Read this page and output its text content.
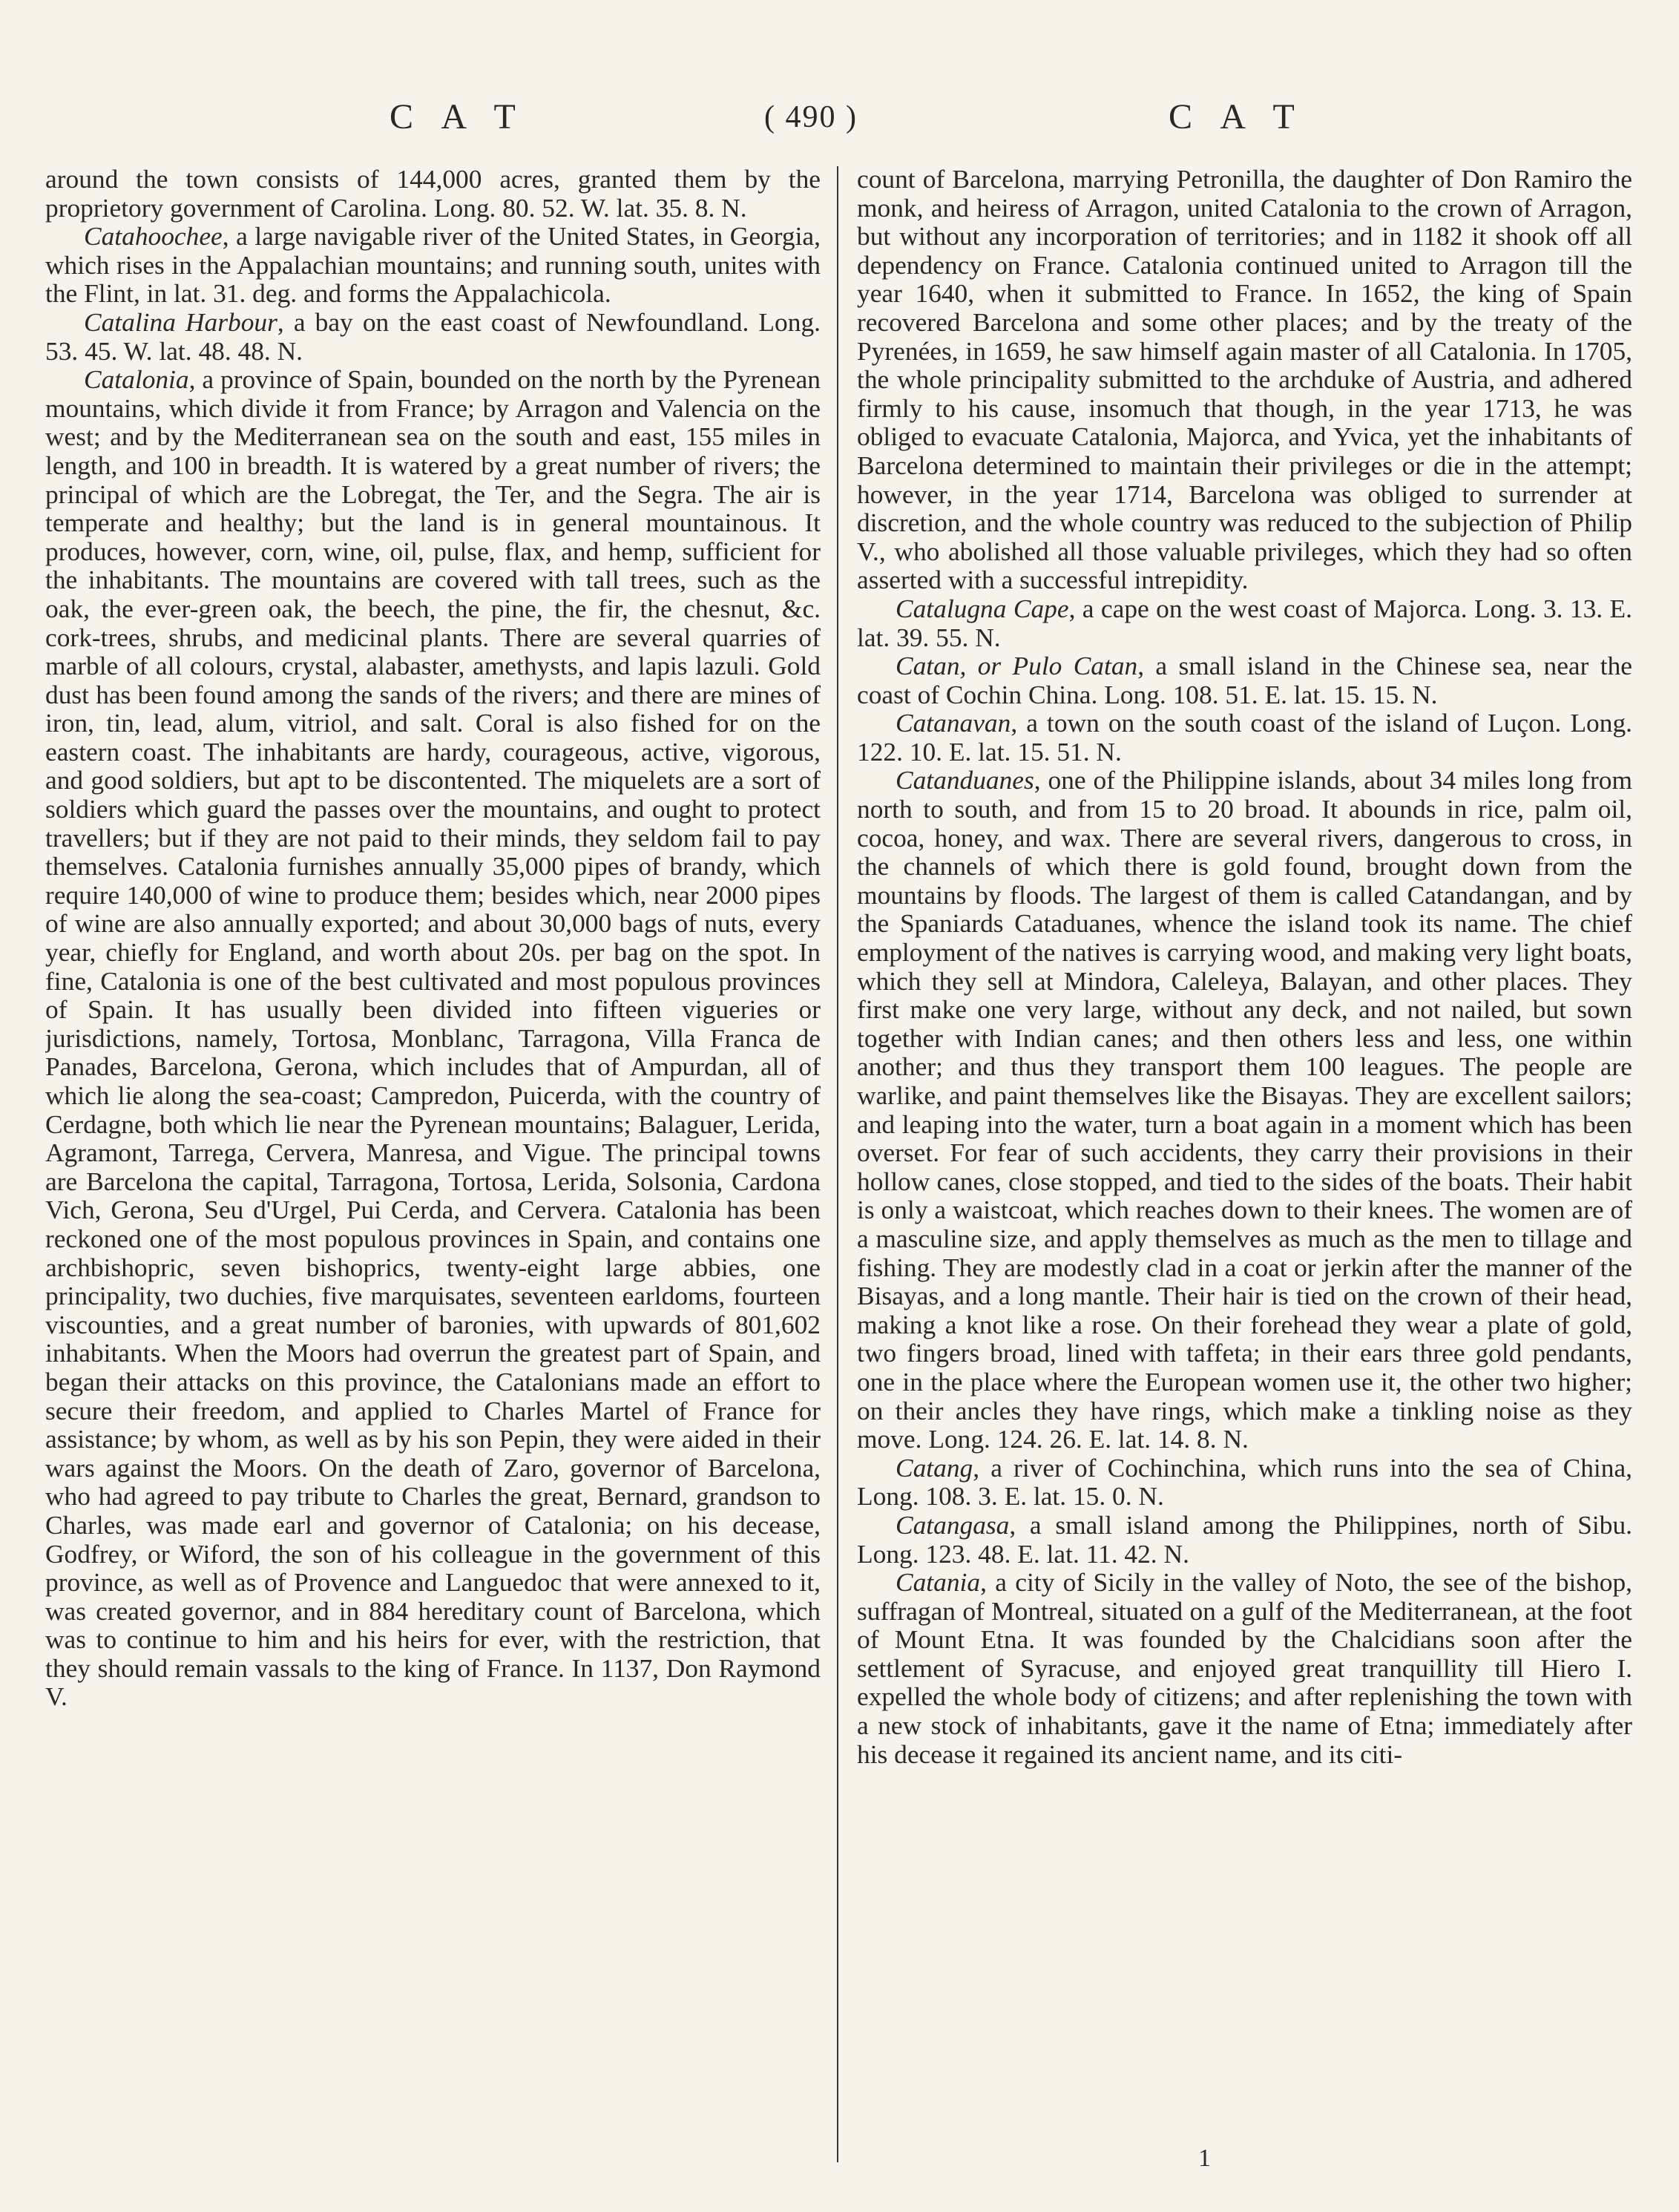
C A T	( 490 )	C A T

around the town consists of 144,000 acres, granted them by the proprietory government of Carolina. Long. 80. 52. W. lat. 35. 8. N.

Catahoochee, a large navigable river of the United States, in Georgia, which rises in the Appalachian mountains; and running south, unites with the Flint, in lat. 31. deg. and forms the Appalachicola.

Catalina Harbour, a bay on the east coast of Newfoundland. Long. 53. 45. W. lat. 48. 48. N.

Catalonia, a province of Spain, bounded on the north by the Pyrenean mountains, which divide it from France; by Arragon and Valencia on the west; and by the Mediterranean sea on the south and east, 155 miles in length, and 100 in breadth. It is watered by a great number of rivers; the principal of which are the Lobregat, the Ter, and the Segra. The air is temperate and healthy; but the land is in general mountainous. It produces, however, corn, wine, oil, pulse, flax, and hemp, sufficient for the inhabitants. The mountains are covered with tall trees, such as the oak, the ever-green oak, the beech, the pine, the fir, the chesnut, &c. cork-trees, shrubs, and medicinal plants. There are several quarries of marble of all colours, crystal, alabaster, amethysts, and lapis lazuli. Gold dust has been found among the sands of the rivers; and there are mines of iron, tin, lead, alum, vitriol, and salt. Coral is also fished for on the eastern coast. The inhabitants are hardy, courageous, active, vigorous, and good soldiers, but apt to be discontented. The miquelets are a sort of soldiers which guard the passes over the mountains, and ought to protect travellers; but if they are not paid to their minds, they seldom fail to pay themselves. Catalonia furnishes annually 35,000 pipes of brandy, which require 140,000 of wine to produce them; besides which, near 2000 pipes of wine are also annually exported; and about 30,000 bags of nuts, every year, chiefly for England, and worth about 20s. per bag on the spot. In fine, Catalonia is one of the best cultivated and most populous provinces of Spain. It has usually been divided into fifteen vigueries or jurisdictions, namely, Tortosa, Monblanc, Tarragona, Villa Franca de Panades, Barcelona, Gerona, which includes that of Ampurdan, all of which lie along the sea-coast; Campredon, Puicerda, with the country of Cerdagne, both which lie near the Pyrenean mountains; Balaguer, Lerida, Agramont, Tarrega, Cervera, Manresa, and Vigue. The principal towns are Barcelona the capital, Tarragona, Tortosa, Lerida, Solsonia, Cardona Vich, Gerona, Seu d'Urgel, Pui Cerda, and Cervera. Catalonia has been reckoned one of the most populous provinces in Spain, and contains one archbishopric, seven bishoprics, twenty-eight large abbies, one principality, two duchies, five marquisates, seventeen earldoms, fourteen viscounties, and a great number of baronies, with upwards of 801,602 inhabitants. When the Moors had overrun the greatest part of Spain, and began their attacks on this province, the Catalonians made an effort to secure their freedom, and applied to Charles Martel of France for assistance; by whom, as well as by his son Pepin, they were aided in their wars against the Moors. On the death of Zaro, governor of Barcelona, who had agreed to pay tribute to Charles the great, Bernard, grandson to Charles, was made earl and governor of Catalonia; on his decease, Godfrey, or Wiford, the son of his colleague in the government of this province, as well as of Provence and Languedoc that were annexed to it, was created governor, and in 884 hereditary count of Barcelona, which was to continue to him and his heirs for ever, with the restriction, that they should remain vassals to the king of France. In 1137, Don Raymond V.

count of Barcelona, marrying Petronilla, the daughter of Don Ramiro the monk, and heiress of Arragon, united Catalonia to the crown of Arragon, but without any incorporation of territories; and in 1182 it shook off all dependency on France. Catalonia continued united to Arragon till the year 1640, when it submitted to France. In 1652, the king of Spain recovered Barcelona and some other places; and by the treaty of the Pyrenées, in 1659, he saw himself again master of all Catalonia. In 1705, the whole principality submitted to the archduke of Austria, and adhered firmly to his cause, insomuch that though, in the year 1713, he was obliged to evacuate Catalonia, Majorca, and Yvica, yet the inhabitants of Barcelona determined to maintain their privileges or die in the attempt; however, in the year 1714, Barcelona was obliged to surrender at discretion, and the whole country was reduced to the subjection of Philip V., who abolished all those valuable privileges, which they had so often asserted with a successful intrepidity.

Catalugna Cape, a cape on the west coast of Majorca. Long. 3. 13. E. lat. 39. 55. N.

Catan, or Pulo Catan, a small island in the Chinese sea, near the coast of Cochin China. Long. 108. 51. E. lat. 15. 15. N.

Catanavan, a town on the south coast of the island of Luçon. Long. 122. 10. E. lat. 15. 51. N.

Catanduanes, one of the Philippine islands, about 34 miles long from north to south, and from 15 to 20 broad. It abounds in rice, palm oil, cocoa, honey, and wax. There are several rivers, dangerous to cross, in the channels of which there is gold found, brought down from the mountains by floods. The largest of them is called Catandangan, and by the Spaniards Cataduanes, whence the island took its name. The chief employment of the natives is carrying wood, and making very light boats, which they sell at Mindora, Caleleya, Balayan, and other places. They first make one very large, without any deck, and not nailed, but sown together with Indian canes; and then others less and less, one within another; and thus they transport them 100 leagues. The people are warlike, and paint themselves like the Bisayas. They are excellent sailors; and leaping into the water, turn a boat again in a moment which has been overset. For fear of such accidents, they carry their provisions in their hollow canes, close stopped, and tied to the sides of the boats. Their habit is only a waistcoat, which reaches down to their knees. The women are of a masculine size, and apply themselves as much as the men to tillage and fishing. They are modestly clad in a coat or jerkin after the manner of the Bisayas, and a long mantle. Their hair is tied on the crown of their head, making a knot like a rose. On their forehead they wear a plate of gold, two fingers broad, lined with taffeta; in their ears three gold pendants, one in the place where the European women use it, the other two higher; on their ancles they have rings, which make a tinkling noise as they move. Long. 124. 26. E. lat. 14. 8. N.

Catang, a river of Cochinchina, which runs into the sea of China, Long. 108. 3. E. lat. 15. 0. N.

Catangasa, a small island among the Philippines, north of Sibu. Long. 123. 48. E. lat. 11. 42. N.

Catania, a city of Sicily in the valley of Noto, the see of the bishop, suffragan of Montreal, situated on a gulf of the Mediterranean, at the foot of Mount Etna. It was founded by the Chalcidians soon after the settlement of Syracuse, and enjoyed great tranquillity till Hiero I. expelled the whole body of citizens; and after replenishing the town with a new stock of inhabitants, gave it the name of Etna; immediately after his decease it regained its ancient name, and its citi-

1
